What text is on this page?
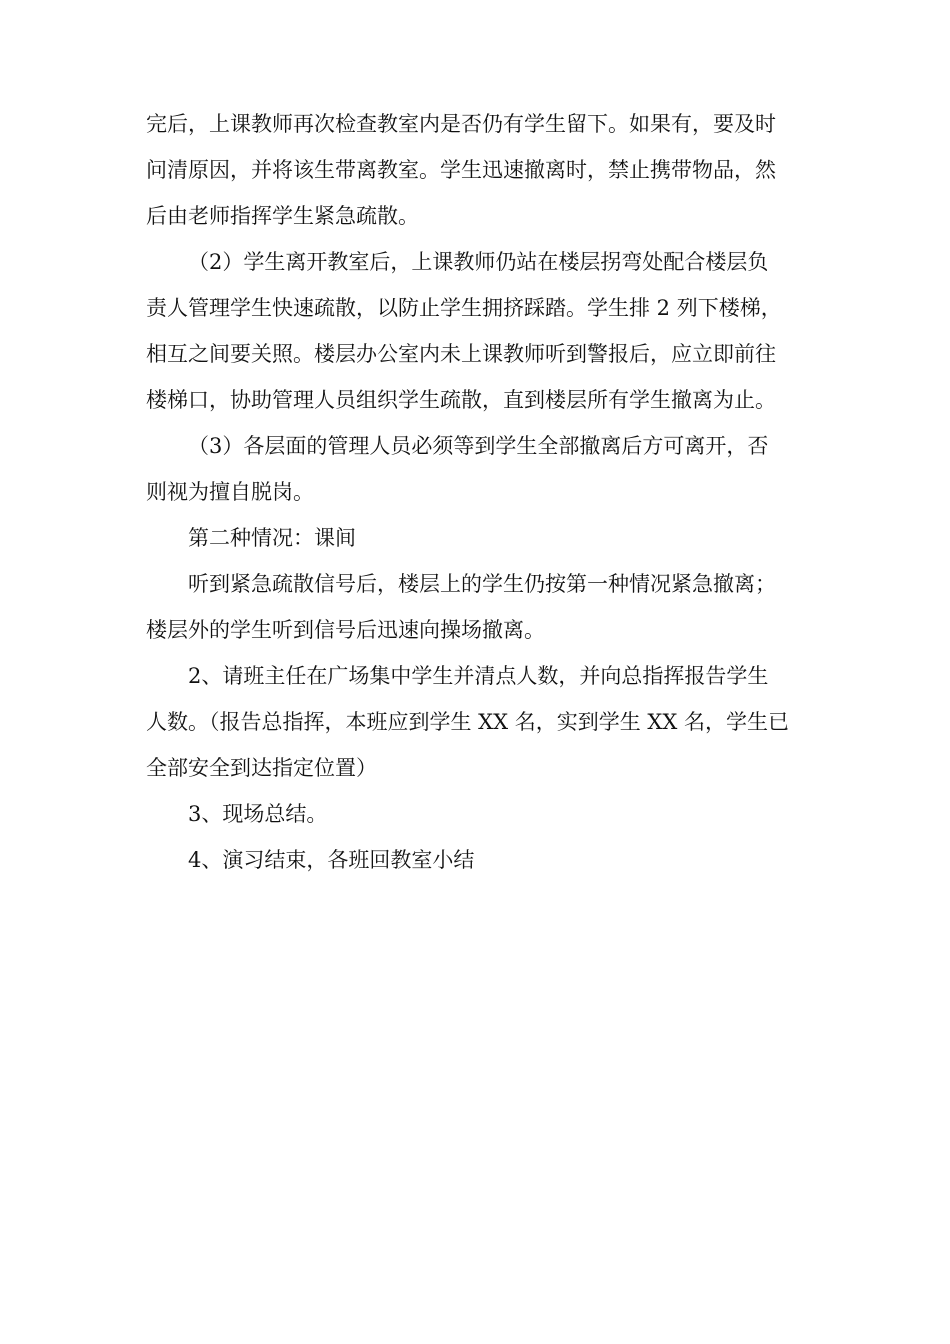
完后，上课教师再次检查教室内是否仍有学生留下。如果有，要及时
问清原因，并将该生带离教室。学生迅速撤离时，禁止携带物品，然
后由老师指挥学生紧急疏散。
（2）学生离开教室后，上课教师仍站在楼层拐弯处配合楼层负
责人管理学生快速疏散，以防止学生拥挤踩踏。学生排 2 列下楼梯，
相互之间要关照。楼层办公室内未上课教师听到警报后，应立即前往
楼梯口，协助管理人员组织学生疏散，直到楼层所有学生撤离为止。
（3）各层面的管理人员必须等到学生全部撤离后方可离开，否
则视为擅自脱岗。
第二种情况：课间
听到紧急疏散信号后，楼层上的学生仍按第一种情况紧急撤离；
楼层外的学生听到信号后迅速向操场撤离。
2、请班主任在广场集中学生并清点人数，并向总指挥报告学生
人数。（报告总指挥，本班应到学生 XX 名，实到学生 XX 名，学生已
全部安全到达指定位置）
3、现场总结。
4、演习结束，各班回教室小结
